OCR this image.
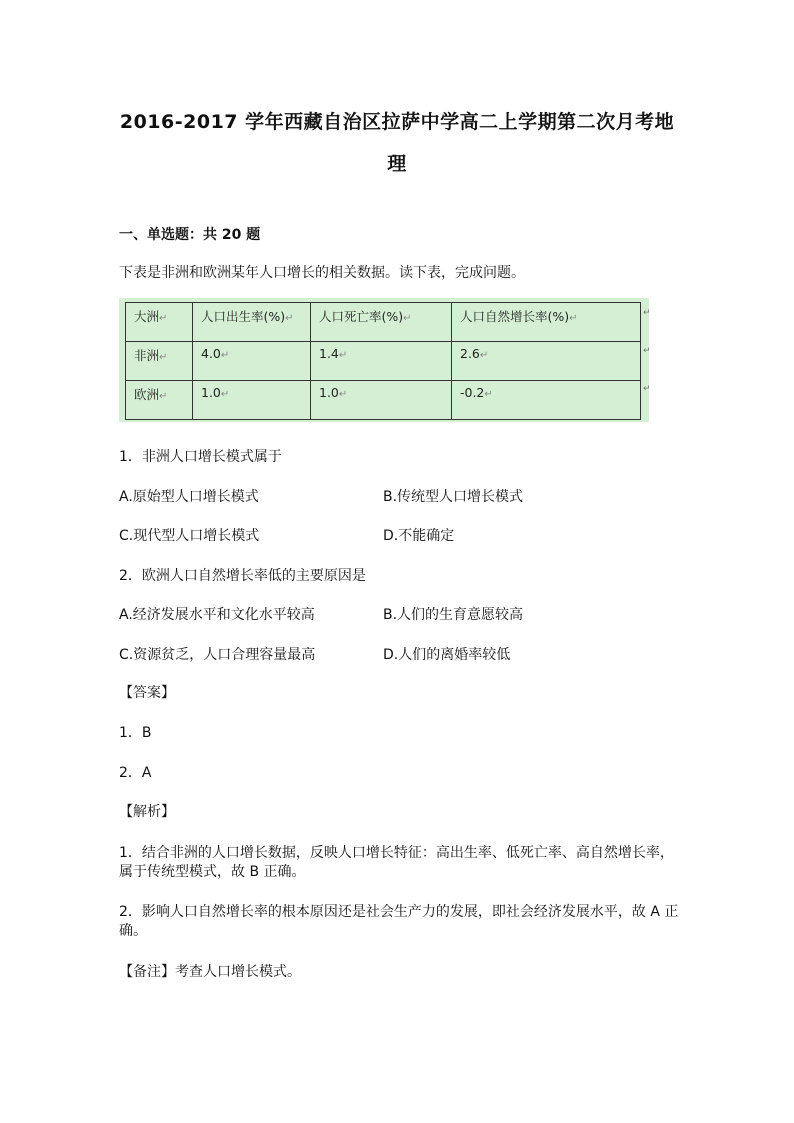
2016-2017 学年西藏自治区拉萨中学高二上学期第二次月考地
理
一、单选题：共 20 题
下表是非洲和欧洲某年人口增长的相关数据。读下表，完成问题。
大洲↵	人口出生率(%)↵	人口死亡率(%)↵	人口自然增长率(%)↵
非洲↵	4.0↵	1.4↵	2.6↵
欧洲↵	1.0↵	1.0↵	-0.2↵
↵
↵
↵
1．非洲人口增长模式属于
A.原始型人口增长模式	B.传统型人口增长模式
C.现代型人口增长模式	D.不能确定
2．欧洲人口自然增长率低的主要原因是
A.经济发展水平和文化水平较高	B.人们的生育意愿较高
C.资源贫乏，人口合理容量最高	D.人们的离婚率较低
【答案】
1．B
2．A
【解析】
1．结合非洲的人口增长数据，反映人口增长特征：高出生率、低死亡率、高自然增长率，
属于传统型模式，故 B 正确。
2．影响人口自然增长率的根本原因还是社会生产力的发展，即社会经济发展水平，故 A 正
确。
【备注】考查人口增长模式。
